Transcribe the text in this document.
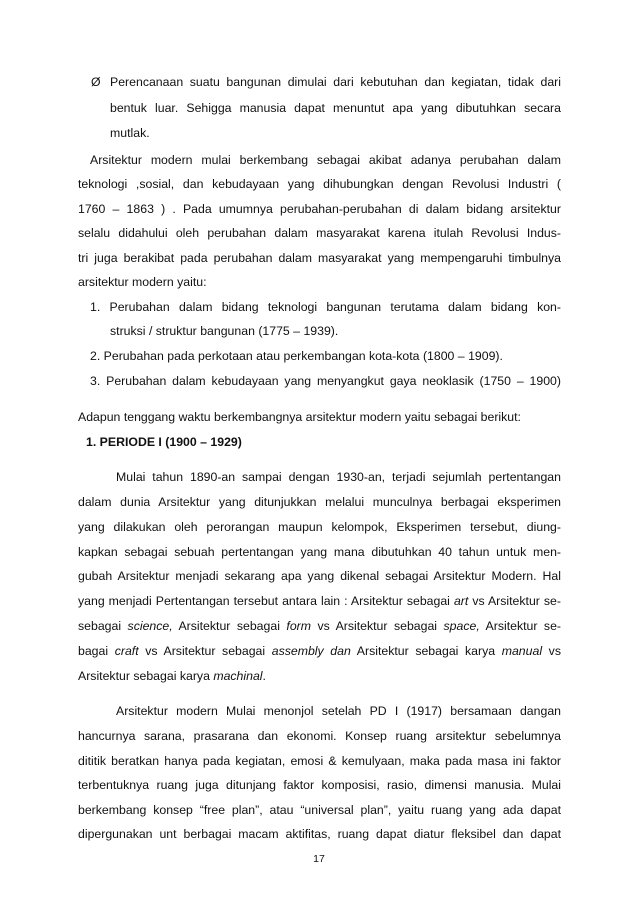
Ø Perencanaan suatu bangunan dimulai dari kebutuhan dan kegiatan, tidak dari
bentuk luar. Sehigga manusia dapat menuntut apa yang dibutuhkan secara
mutlak.
Arsitektur modern mulai berkembang sebagai akibat adanya perubahan dalam
teknologi ,sosial, dan kebudayaan yang dihubungkan dengan Revolusi Industri (
1760 – 1863 ) . Pada umumnya perubahan-perubahan di dalam bidang arsitektur
selalu didahului oleh perubahan dalam masyarakat karena itulah Revolusi Indus-
tri juga berakibat pada perubahan dalam masyarakat yang mempengaruhi timbulnya
arsitektur modern yaitu:
1. Perubahan dalam bidang teknologi bangunan terutama dalam bidang kon-
struksi / struktur bangunan (1775 – 1939).
2. Perubahan pada perkotaan atau perkembangan kota-kota (1800 – 1909).
3. Perubahan dalam kebudayaan yang menyangkut gaya neoklasik (1750 – 1900)
Adapun tenggang waktu berkembangnya arsitektur modern yaitu sebagai berikut:
1. PERIODE I (1900 – 1929)
Mulai tahun 1890-an sampai dengan 1930-an, terjadi sejumlah pertentangan
dalam dunia Arsitektur yang ditunjukkan melalui munculnya berbagai eksperimen
yang dilakukan oleh perorangan maupun kelompok, Eksperimen tersebut, diung-
kapkan sebagai sebuah pertentangan yang mana dibutuhkan 40 tahun untuk men-
gubah Arsitektur menjadi sekarang apa yang dikenal sebagai Arsitektur Modern. Hal
yang menjadi Pertentangan tersebut antara lain : Arsitektur sebagai art vs Arsitektur se-
sebagai science, Arsitektur sebagai form vs Arsitektur sebagai space, Arsitektur se-
bagai craft vs Arsitektur sebagai assembly dan Arsitektur sebagai karya manual vs
Arsitektur sebagai karya machinal.
Arsitektur modern Mulai menonjol setelah PD I (1917) bersamaan dangan
hancurnya sarana, prasarana dan ekonomi. Konsep ruang arsitektur sebelumnya
dititik beratkan hanya pada kegiatan, emosi & kemulyaan, maka pada masa ini faktor
terbentuknya ruang juga ditunjang faktor komposisi, rasio, dimensi manusia. Mulai
berkembang konsep “free plan”, atau “universal plan”, yaitu ruang yang ada dapat
dipergunakan unt berbagai macam aktifitas, ruang dapat diatur fleksibel dan dapat
17
